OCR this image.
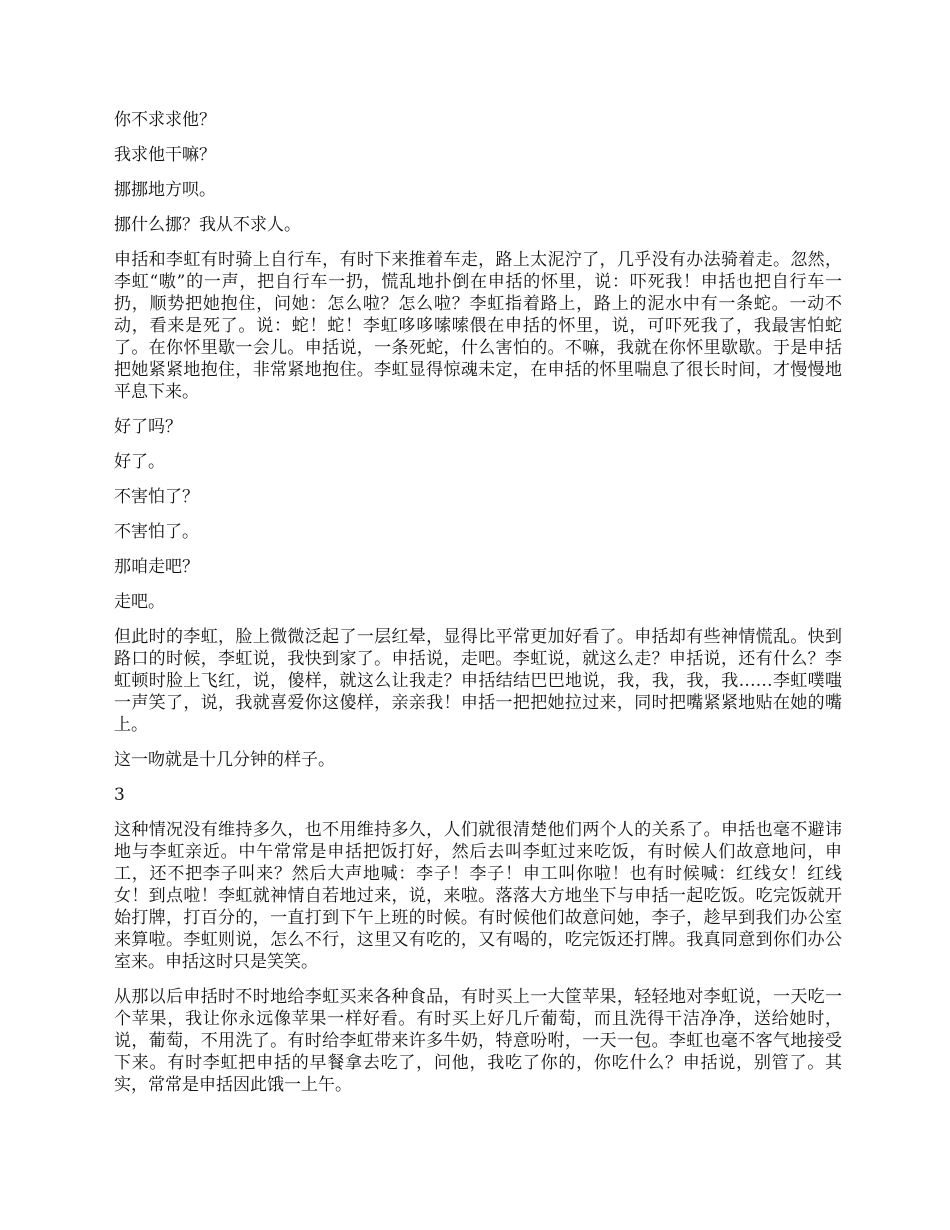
你不求求他？

我求他干嘛？

挪挪地方呗。

挪什么挪？我从不求人。

申括和李虹有时骑上自行车，有时下来推着车走，路上太泥泞了，几乎没有办法骑着走。忽然，李虹“嗷”的一声，把自行车一扔，慌乱地扑倒在申括的怀里，说：吓死我！申括也把自行车一扔，顺势把她抱住，问她：怎么啦？怎么啦？李虹指着路上，路上的泥水中有一条蛇。一动不动，看来是死了。说：蛇！蛇！李虹哆哆嗦嗦偎在申括的怀里，说，可吓死我了，我最害怕蛇了。在你怀里歇一会儿。申括说，一条死蛇，什么害怕的。不嘛，我就在你怀里歇歇。于是申括把她紧紧地抱住，非常紧地抱住。李虹显得惊魂未定，在申括的怀里喘息了很长时间，才慢慢地平息下来。

好了吗？

好了。

不害怕了？

不害怕了。

那咱走吧？

走吧。

但此时的李虹，脸上微微泛起了一层红晕，显得比平常更加好看了。申括却有些神情慌乱。快到路口的时候，李虹说，我快到家了。申括说，走吧。李虹说，就这么走？申括说，还有什么？李虹顿时脸上飞红，说，傻样，就这么让我走？申括结结巴巴地说，我，我，我，我……李虹噗嗤一声笑了，说，我就喜爱你这傻样，亲亲我！申括一把把她拉过来，同时把嘴紧紧地贴在她的嘴上。

这一吻就是十几分钟的样子。

3

这种情况没有维持多久，也不用维持多久，人们就很清楚他们两个人的关系了。申括也毫不避讳地与李虹亲近。中午常常是申括把饭打好，然后去叫李虹过来吃饭，有时候人们故意地问，申工，还不把李子叫来？然后大声地喊：李子！李子！申工叫你啦！也有时候喊：红线女！红线女！到点啦！李虹就神情自若地过来，说，来啦。落落大方地坐下与申括一起吃饭。吃完饭就开始打牌，打百分的，一直打到下午上班的时候。有时候他们故意问她，李子，趁早到我们办公室来算啦。李虹则说，怎么不行，这里又有吃的，又有喝的，吃完饭还打牌。我真同意到你们办公室来。申括这时只是笑笑。

从那以后申括时不时地给李虹买来各种食品，有时买上一大筐苹果，轻轻地对李虹说，一天吃一个苹果，我让你永远像苹果一样好看。有时买上好几斤葡萄，而且洗得干洁净净，送给她时，说，葡萄，不用洗了。有时给李虹带来许多牛奶，特意吩咐，一天一包。李虹也毫不客气地接受下来。有时李虹把申括的早餐拿去吃了，问他，我吃了你的，你吃什么？申括说，别管了。其实，常常是申括因此饿一上午。
